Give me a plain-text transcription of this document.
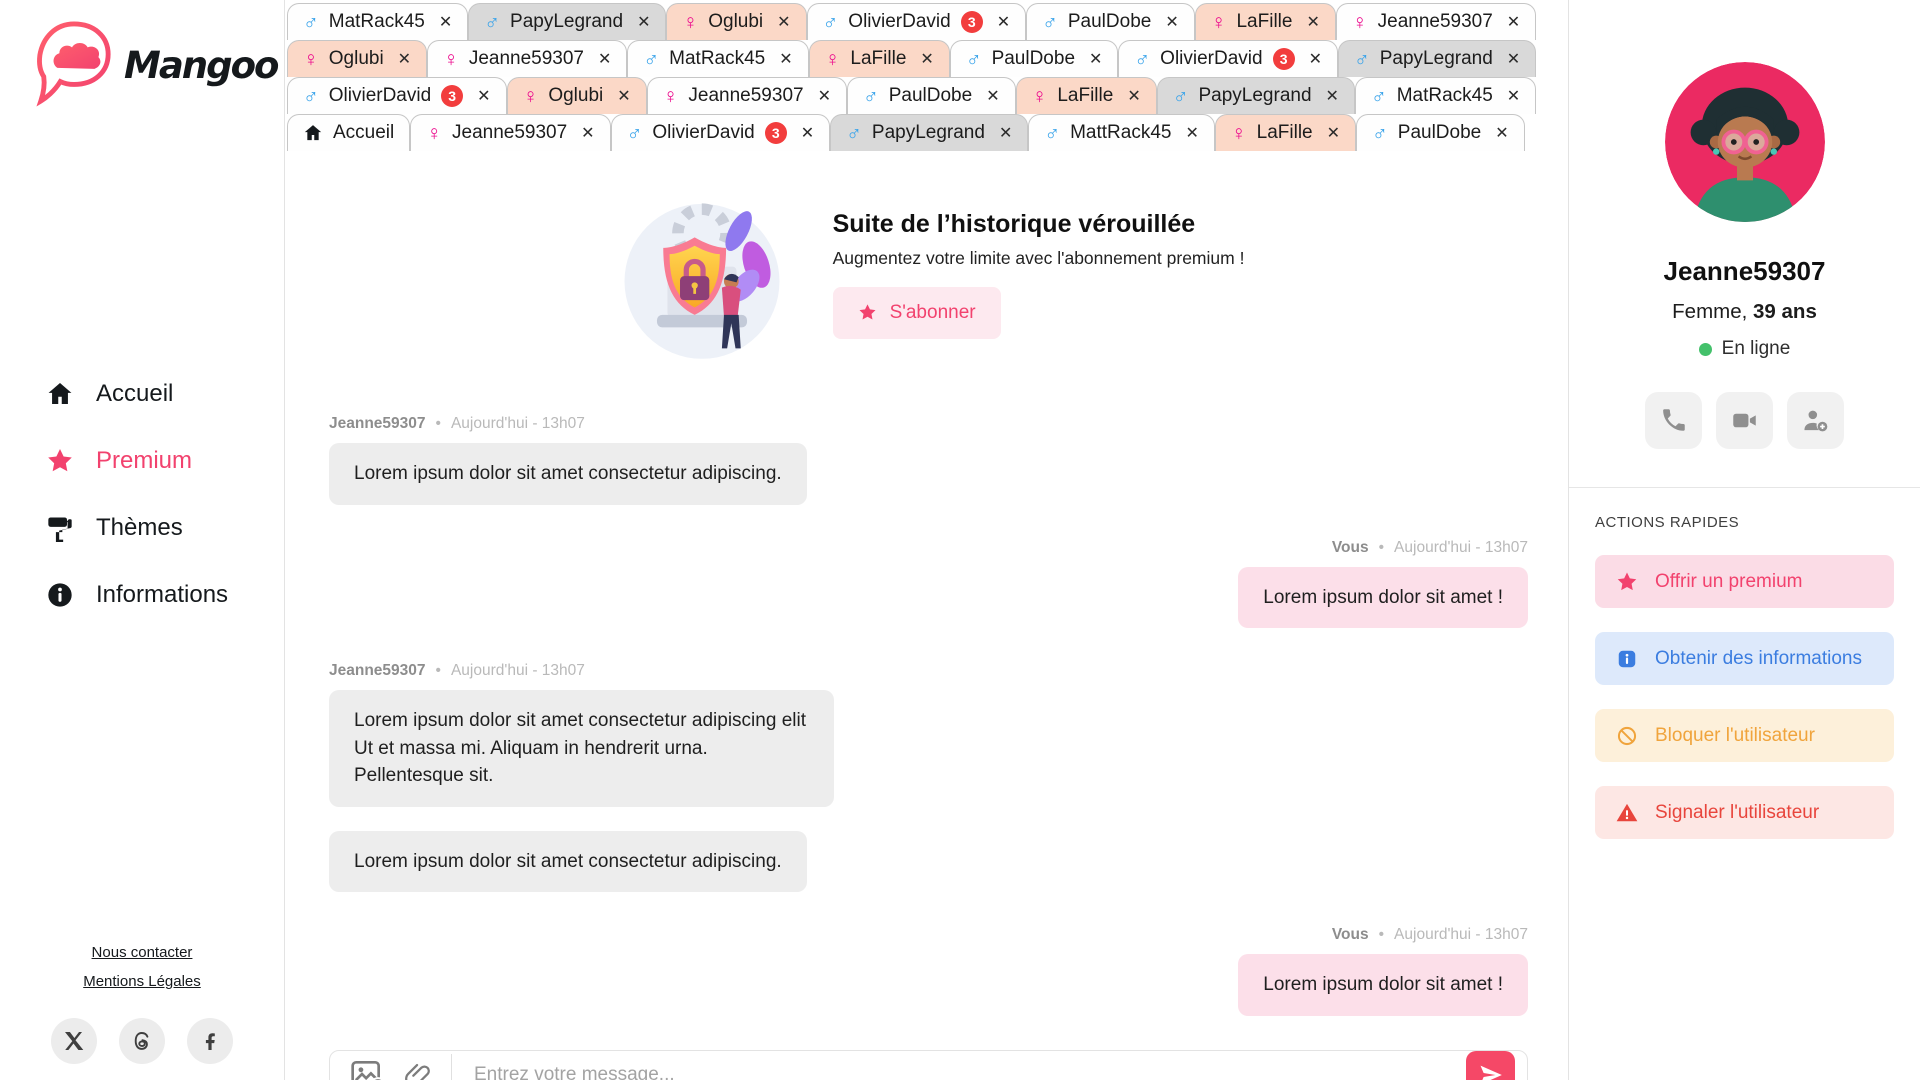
Mangoo
Accueil
Premium
Thèmes
Informations
Nous contacter
Mentions Légales
♂ MatRack45 ✕ ♂ PapyLegrand ✕ ♀ Oglubi ✕ ♂ OlivierDavid	3	✕ ♂ PaulDobe ✕ ♀ LaFille ✕ ♀ Jeanne59307 ✕
♀ Oglubi ✕ ♀ Jeanne59307 ✕ ♂ MatRack45 ✕ ♀ LaFille ✕ ♂ PaulDobe ✕ ♂ OlivierDavid	3	✕ ♂ PapyLegrand ✕
♂ OlivierDavid	3	✕ ♀ Oglubi ✕ ♀ Jeanne59307 ✕ ♂ PaulDobe ✕ ♀ LaFille ✕ ♂ PapyLegrand ✕ ♂ MatRack45 ✕
Accueil ♀ Jeanne59307 ✕ ♂ OlivierDavid	3	✕ ♂ PapyLegrand ✕ ♂ MattRack45 ✕ ♀ LaFille ✕ ♂ PaulDobe ✕
Suite de l’historique vérouillée
Augmentez votre limite avec l'abonnement premium !
S'abonner
Jeanne59307 • Aujourd'hui - 13h07
Lorem ipsum dolor sit amet consectetur adipiscing.
Vous • Aujourd'hui - 13h07
Lorem ipsum dolor sit amet !
Jeanne59307 • Aujourd'hui - 13h07
Lorem ipsum dolor sit amet consectetur adipiscing elit Ut et massa mi. Aliquam in hendrerit urna. Pellentesque sit.
Lorem ipsum dolor sit amet consectetur adipiscing.
Vous • Aujourd'hui - 13h07
Lorem ipsum dolor sit amet !
Entrez votre message...
Jeanne59307
Femme, 39 ans
En ligne
ACTIONS RAPIDES
Offrir un premium
Obtenir des informations
Bloquer l'utilisateur
Signaler l'utilisateur
